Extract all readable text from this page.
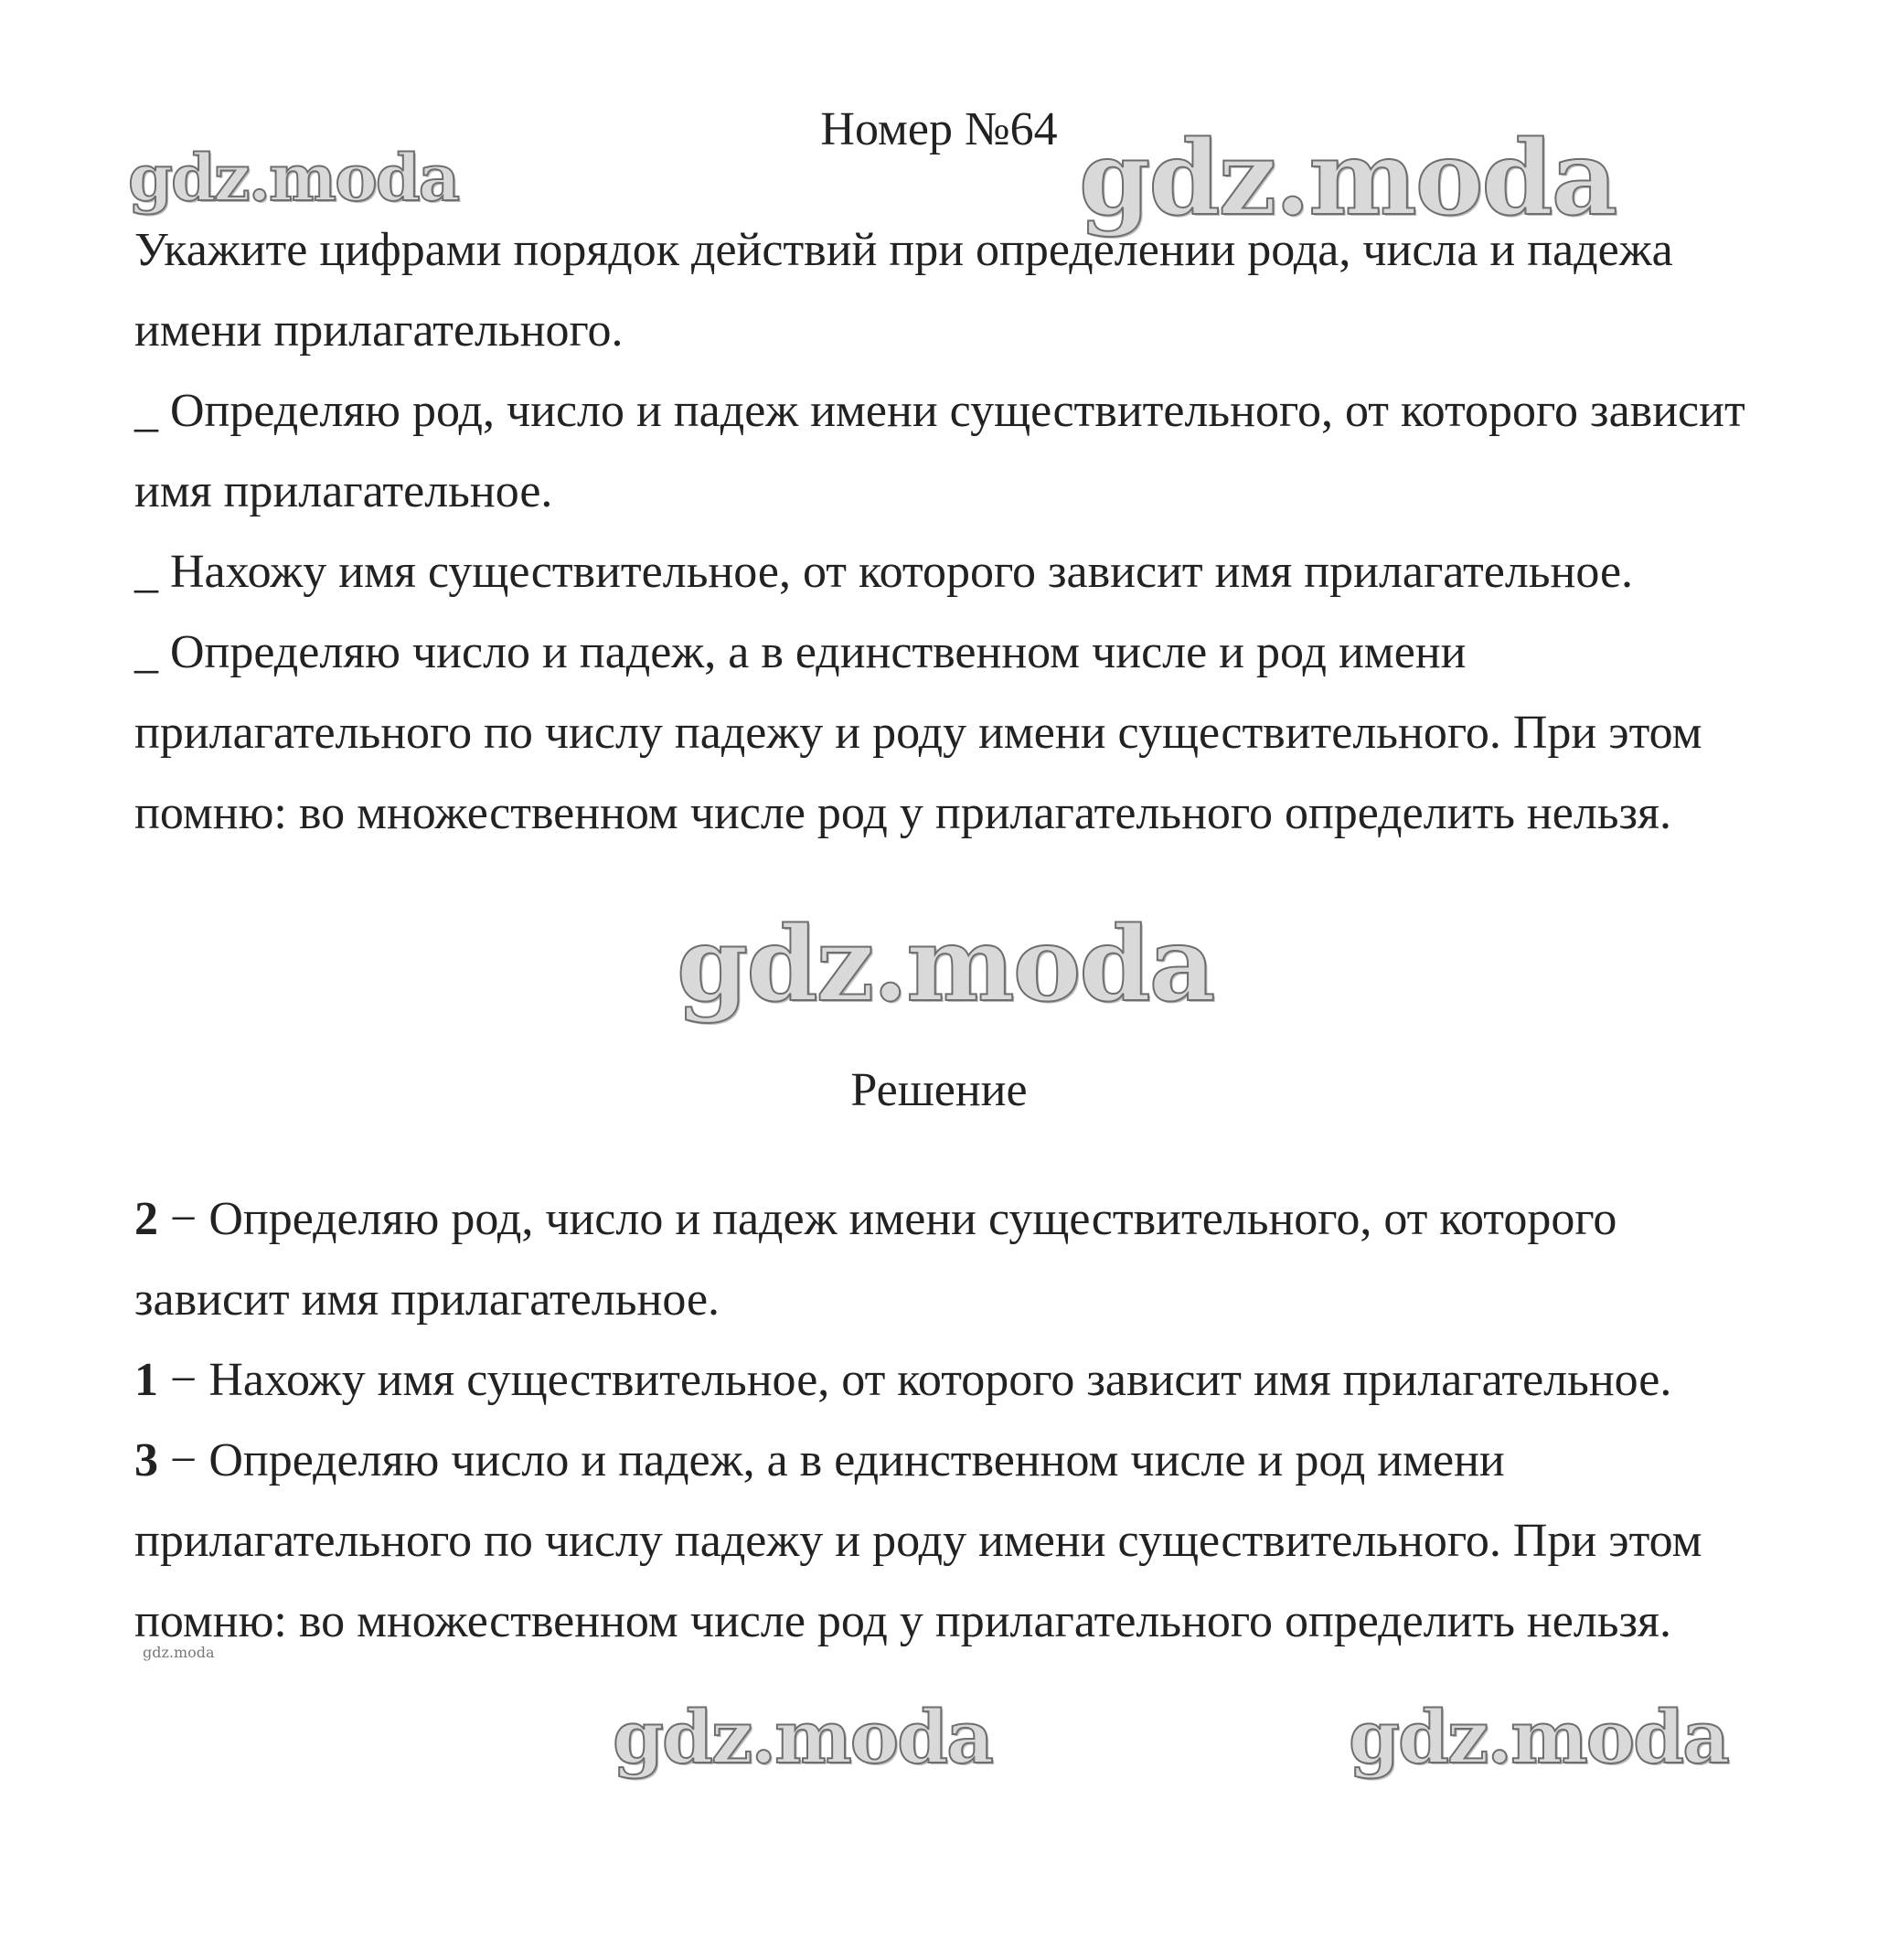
Номер №64

Укажите цифрами порядок действий при определении рода, числа и падежа имени прилагательного.

_ Определяю род, число и падеж имени существительного, от которого зависит имя прилагательное.

_ Нахожу имя существительное, от которого зависит имя прилагательное.

_ Определяю число и падеж, а в единственном числе и род имени прилагательного по числу падежу и роду имени существительного. При этом помню: во множественном числе род у прилагательного определить нельзя.

Решение

2 − Определяю род, число и падеж имени существительного, от которого зависит имя прилагательное.

1 − Нахожу имя существительное, от которого зависит имя прилагательное.

3 − Определяю число и падеж, а в единственном числе и род имени прилагательного по числу падежу и роду имени существительного. При этом помню: во множественном числе род у прилагательного определить нельзя.

gdz.moda	gdz.moda
gdz.moda
gdz.moda	gdz.moda
gdz.moda
